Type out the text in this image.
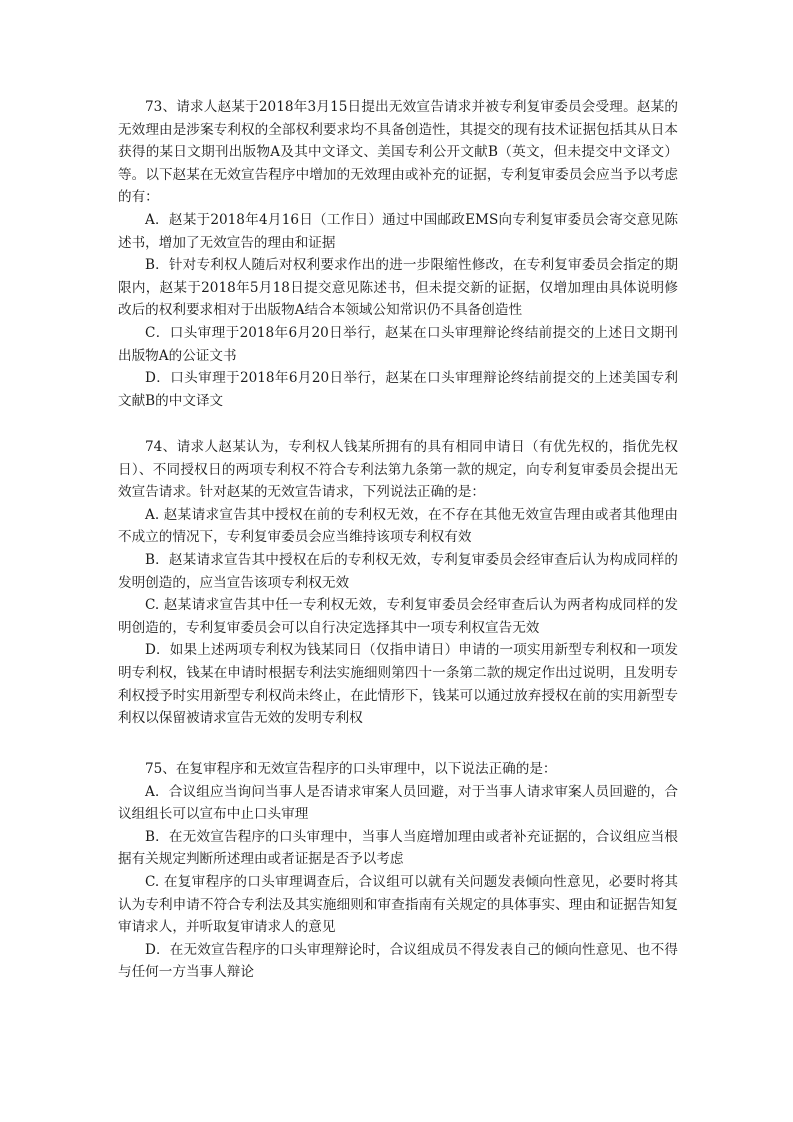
73、请求人赵某于2018年3月15日提出无效宣告请求并被专利复审委员会受理。赵某的无效理由是涉案专利权的全部权利要求均不具备创造性，其提交的现有技术证据包括其从日本获得的某日文期刊出版物A及其中文译文、美国专利公开文献B（英文，但未提交中文译文）等。以下赵某在无效宣告程序中增加的无效理由或补充的证据，专利复审委员会应当予以考虑的有：

A．赵某于2018年4月16日（工作日）通过中国邮政EMS向专利复审委员会寄交意见陈述书，增加了无效宣告的理由和证据

B．针对专利权人随后对权利要求作出的进一步限缩性修改，在专利复审委员会指定的期限内，赵某于2018年5月18日提交意见陈述书，但未提交新的证据，仅增加理由具体说明修改后的权利要求相对于出版物A结合本领域公知常识仍不具备创造性

C．口头审理于2018年6月20日举行，赵某在口头审理辩论终结前提交的上述日文期刊出版物A的公证文书

D．口头审理于2018年6月20日举行，赵某在口头审理辩论终结前提交的上述美国专利文献B的中文译文

74、请求人赵某认为，专利权人钱某所拥有的具有相同申请日（有优先权的，指优先权日）、不同授权日的两项专利权不符合专利法第九条第一款的规定，向专利复审委员会提出无效宣告请求。针对赵某的无效宣告请求，下列说法正确的是：

A. 赵某请求宣告其中授权在前的专利权无效，在不存在其他无效宣告理由或者其他理由不成立的情况下，专利复审委员会应当维持该项专利权有效

B．赵某请求宣告其中授权在后的专利权无效，专利复审委员会经审查后认为构成同样的发明创造的，应当宣告该项专利权无效

C. 赵某请求宣告其中任一专利权无效，专利复审委员会经审查后认为两者构成同样的发明创造的，专利复审委员会可以自行决定选择其中一项专利权宣告无效

D．如果上述两项专利权为钱某同日（仅指申请日）申请的一项实用新型专利权和一项发明专利权，钱某在申请时根据专利法实施细则第四十一条第二款的规定作出过说明，且发明专利权授予时实用新型专利权尚未终止，在此情形下，钱某可以通过放弃授权在前的实用新型专利权以保留被请求宣告无效的发明专利权

75、在复审程序和无效宣告程序的口头审理中，以下说法正确的是：

A．合议组应当询问当事人是否请求审案人员回避，对于当事人请求审案人员回避的，合议组组长可以宣布中止口头审理

B．在无效宣告程序的口头审理中，当事人当庭增加理由或者补充证据的，合议组应当根据有关规定判断所述理由或者证据是否予以考虑

C. 在复审程序的口头审理调查后，合议组可以就有关问题发表倾向性意见，必要时将其认为专利申请不符合专利法及其实施细则和审查指南有关规定的具体事实、理由和证据告知复审请求人，并听取复审请求人的意见

D．在无效宣告程序的口头审理辩论时，合议组成员不得发表自己的倾向性意见、也不得与任何一方当事人辩论
